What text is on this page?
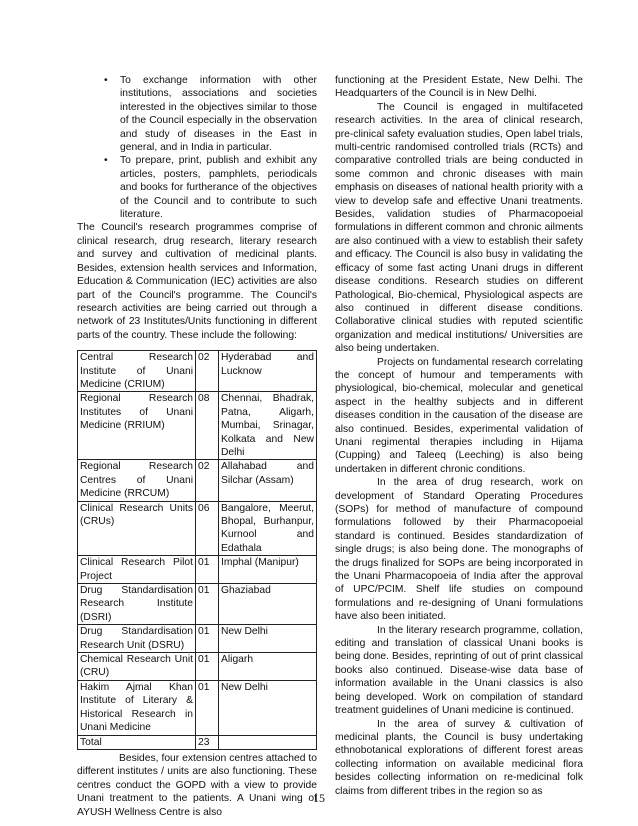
• To exchange information with other institutions, associations and societies interested in the objectives similar to those of the Council especially in the observation and study of diseases in the East in general, and in India in particular.
• To prepare, print, publish and exhibit any articles, posters, pamphlets, periodicals and books for furtherance of the objectives of the Council and to contribute to such literature.

The Council's research programmes comprise of clinical research, drug research, literary research and survey and cultivation of medicinal plants. Besides, extension health services and Information, Education & Communication (IEC) activities are also part of the Council's programme. The Council's research activities are being carried out through a network of 23 Institutes/Units functioning in different parts of the country. These include the following:

Central Research Institute of Unani Medicine (CRIUM)	02	Hyderabad and Lucknow
Regional Research Institutes of Unani Medicine (RRIUM)	08	Chennai, Bhadrak, Patna, Aligarh, Mumbai, Srinagar, Kolkata and New Delhi
Regional Research Centres of Unani Medicine (RRCUM)	02	Allahabad and Silchar (Assam)
Clinical Research Units (CRUs)	06	Bangalore, Meerut, Bhopal, Burhanpur, Kurnool and Edathala
Clinical Research Pilot Project	01	Imphal (Manipur)
Drug Standardisation Research Institute (DSRI)	01	Ghaziabad
Drug Standardisation Research Unit (DSRU)	01	New Delhi
Chemical Research Unit (CRU)	01	Aligarh
Hakim Ajmal Khan Institute of Literary & Historical Research in Unani Medicine	01	New Delhi
Total	23	

Besides, four extension centres attached to different institutes / units are also functioning. These centres conduct the GOPD with a view to provide Unani treatment to the patients. A Unani wing of AYUSH Wellness Centre is also

functioning at the President Estate, New Delhi. The Headquarters of the Council is in New Delhi.

The Council is engaged in multifaceted research activities. In the area of clinical research, pre-clinical safety evaluation studies, Open label trials, multi-centric randomised controlled trials (RCTs) and comparative controlled trials are being conducted in some common and chronic diseases with main emphasis on diseases of national health priority with a view to develop safe and effective Unani treatments. Besides, validation studies of Pharmacopoeial formulations in different common and chronic ailments are also continued with a view to establish their safety and efficacy. The Council is also busy in validating the efficacy of some fast acting Unani drugs in different disease conditions. Research studies on different Pathological, Bio-chemical, Physiological aspects are also continued in different disease conditions. Collaborative clinical studies with reputed scientific organization and medical institutions/ Universities are also being undertaken.

Projects on fundamental research correlating the concept of humour and temperaments with physiological, bio-chemical, molecular and genetical aspect in the healthy subjects and in different diseases condition in the causation of the disease are also continued. Besides, experimental validation of Unani regimental therapies including in Hijama (Cupping) and Taleeq (Leeching) is also being undertaken in different chronic conditions.

In the area of drug research, work on development of Standard Operating Procedures (SOPs) for method of manufacture of compound formulations followed by their Pharmacopoeial standard is continued. Besides standardization of single drugs; is also being done. The monographs of the drugs finalized for SOPs are being incorporated in the Unani Pharmacopoeia of India after the approval of UPC/PCIM. Shelf life studies on compound formulations and re-designing of Unani formulations have also been initiated.

In the literary research programme, collation, editing and translation of classical Unani books is being done. Besides, reprinting of out of print classical books also continued. Disease-wise data base of information available in the Unani classics is also being developed. Work on compilation of standard treatment guidelines of Unani medicine is continued.

In the area of survey & cultivation of medicinal plants, the Council is busy undertaking ethnobotanical explorations of different forest areas collecting information on available medicinal flora besides collecting information on re-medicinal folk claims from different tribes in the region so as

15
